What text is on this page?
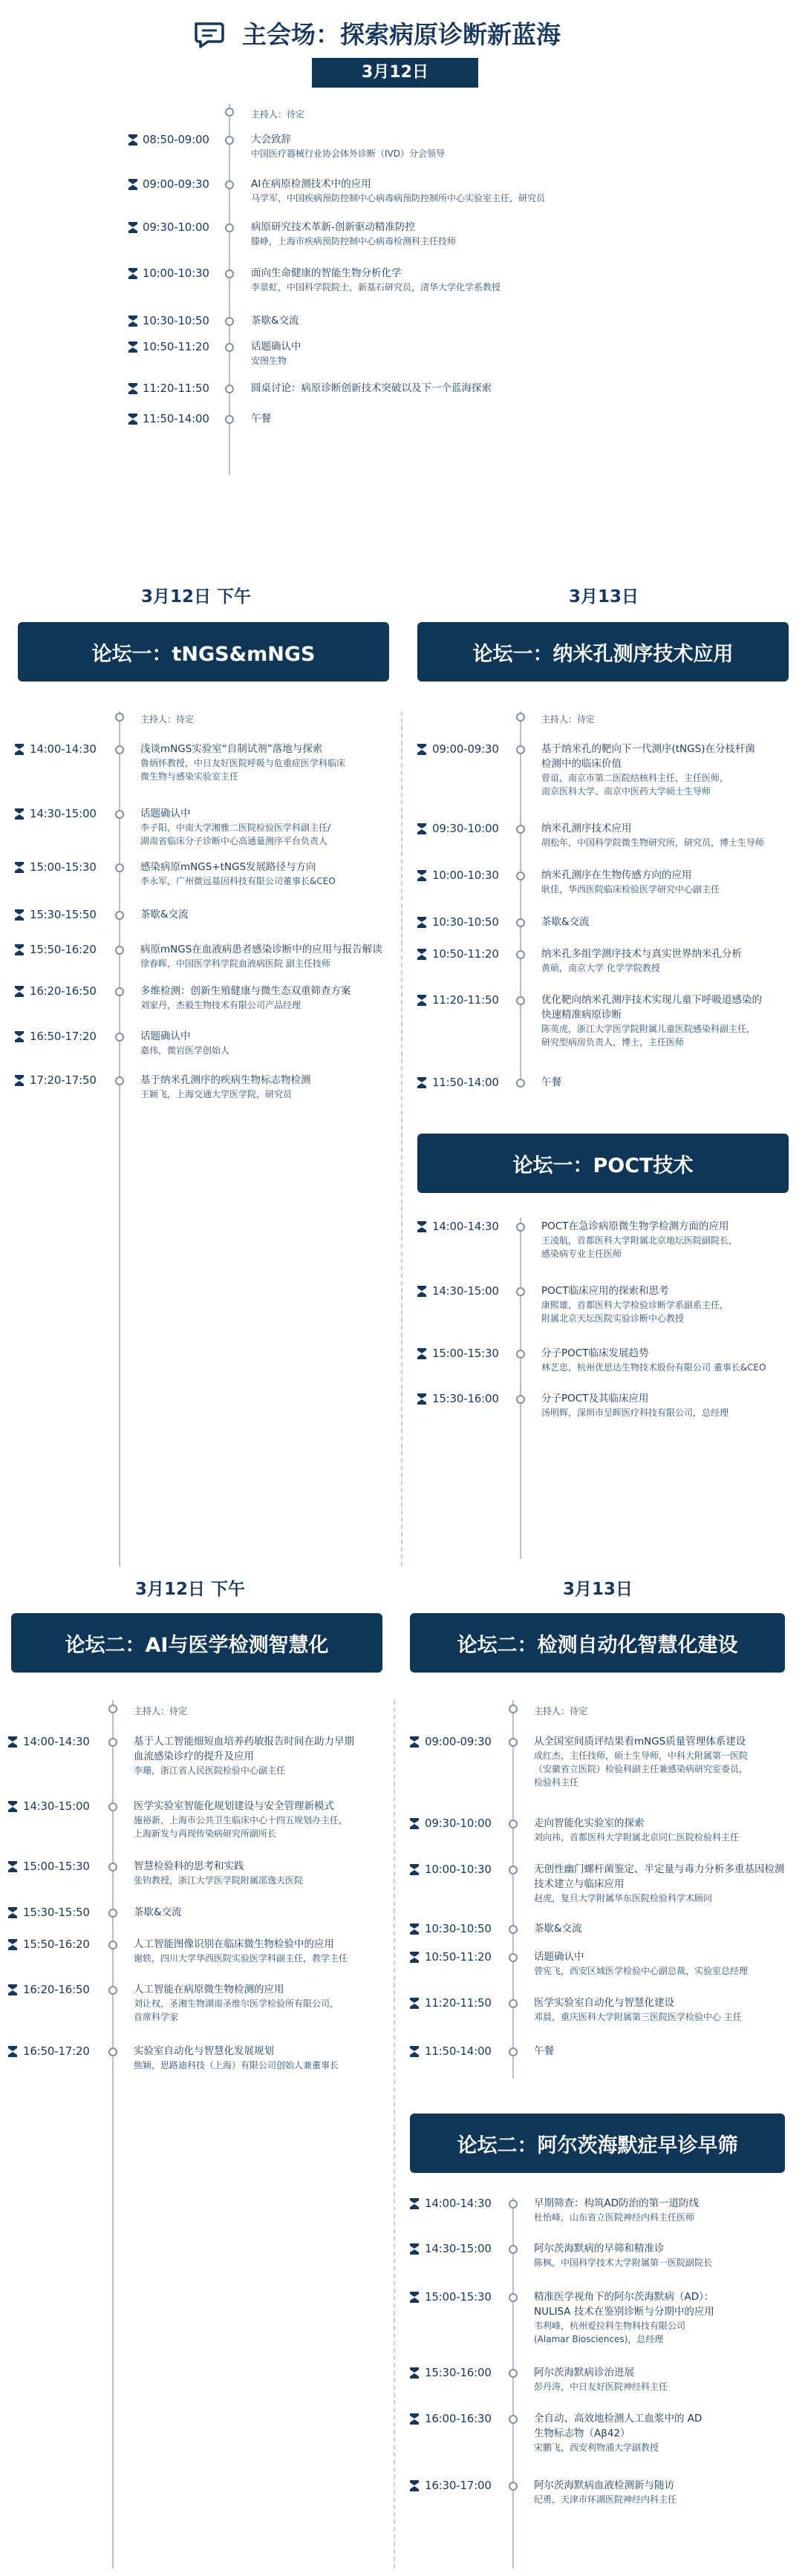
主会场：探索病原诊断新蓝海
3月12日
主持人：待定
08:50-09:00	大会致辞
中国医疗器械行业协会体外诊断（IVD）分会领导
09:00-09:30	AI在病原检测技术中的应用
马学军，中国疾病预防控制中心病毒病预防控制所中心实验室主任，研究员
09:30-10:00	病原研究技术革新-创新驱动精准防控
滕峥，上海市疾病预防控制中心病毒检测科主任技师
10:00-10:30	面向生命健康的智能生物分析化学
李景虹，中国科学院院士，新基石研究员，清华大学化学系教授
10:30-10:50	茶歇&交流
10:50-11:20	话题确认中
安图生物
11:20-11:50	圆桌讨论：病原诊断创新技术突破以及下一个蓝海探索
11:50-14:00	午餐
论坛一：tNGS&mNGS
主持人：待定
14:00-14:30	浅谈mNGS实验室“自制试剂”落地与探索
鲁炳怀教授，中日友好医院呼吸与危重症医学科临床
微生物与感染实验室主任
14:30-15:00	话题确认中
李子阳，中南大学湘雅二医院检验医学科副主任/
湖南省临床分子诊断中心高通量测序平台负责人
15:00-15:30	感染病原mNGS+tNGS发展路径与方向
李永军，广州微远基因科技有限公司董事长&CEO
15:30-15:50	茶歇&交流
15:50-16:20	病原mNGS在血液病患者感染诊断中的应用与报告解读
徐春晖，中国医学科学院血液病医院 副主任技师
16:20-16:50	多维检测：创新生殖健康与微生态双重筛查方案
刘家丹，杰毅生物技术有限公司产品经理
16:50-17:20	话题确认中
嘉伟，微岩医学创始人
17:20-17:50	基于纳米孔测序的疾病生物标志物检测
王颖飞，上海交通大学医学院，研究员
论坛一：纳米孔测序技术应用
主持人：待定
09:00-09:30	基于纳米孔的靶向下一代测序(tNGS)在分枝杆菌
检测中的临床价值
曾谊，南京市第二医院结核科主任，主任医师，
南京医科大学、南京中医药大学硕士生导师
09:30-10:00	纳米孔测序技术应用
胡松年，中国科学院微生物研究所，研究员，博士生导师
10:00-10:30	纳米孔测序在生物传感方向的应用
耿佳，华西医院临床检验医学研究中心副主任
10:30-10:50	茶歇&交流
10:50-11:20	纳米孔多组学测序技术与真实世界纳米孔分析
黄硕，南京大学 化学学院教授
11:20-11:50	优化靶向纳米孔测序技术实现儿童下呼吸道感染的
快速精准病原诊断
陈英虎，浙江大学医学院附属儿童医院感染科副主任，
研究型病房负责人，博士，主任医师
11:50-14:00	午餐
论坛一：POCT技术
14:00-14:30	POCT在急诊病原微生物学检测方面的应用
王凌航，首都医科大学附属北京地坛医院副院长，
感染病专业主任医师
14:30-15:00	POCT临床应用的探索和思考
康熙雄，首都医科大学检验诊断学系副系主任，
附属北京天坛医院实验诊断中心教授
15:00-15:30	分子POCT临床发展趋势
林艺忠，杭州优思达生物技术股份有限公司 董事长&CEO
15:30-16:00	分子POCT及其临床应用
汤明辉，深圳市呈晖医疗科技有限公司，总经理
论坛二：AI与医学检测智慧化
主持人：待定
14:00-14:30	基于人工智能细短血培养药敏报告时间在助力早期
血流感染诊疗的提升及应用
李珊，浙江省人民医院检验中心副主任
14:30-15:00	医学实验室智能化规划建设与安全管理新模式
施裕新，上海市公共卫生临床中心十四五规划办主任，
上海新发与再现传染病研究所副所长
15:00-15:30	智慧检验科的思考和实践
张钧教授，浙江大学医学院附属邵逸夫医院
15:30-15:50	茶歇&交流
15:50-16:20	人工智能图像识别在临床微生物检验中的应用
谢轶，四川大学华西医院实验医学科副主任，教学主任
16:20-16:50	人工智能在病原微生物检测的应用
刘让权，圣湘生物湖南圣维尔医学检验所有限公司，
首席科学家
16:50-17:20	实验室自动化与智慧化发展规划
熊颖，思路迪科技（上海）有限公司创始人兼董事长
论坛二：检测自动化智慧化建设
主持人：待定
09:00-09:30	从全国室间质评结果看mNGS质量管理体系建设
成红杰，主任技师，硕士生导师，中科大附属第一医院
（安徽省立医院）检验科副主任兼感染病研究室委员，
检验科主任
09:30-10:00	走向智能化实验室的探索
刘向祎，首都医科大学附属北京同仁医院检验科主任
10:00-10:30	无创性幽门螺杆菌鉴定、半定量与毒力分析多重基因检测
技术建立与临床应用
赵虎，复旦大学附属华东医院检验科学术顾问
10:30-10:50	茶歇&交流
10:50-11:20	话题确认中
曾宪飞，西安区域医学检验中心副总裁，实验室总经理
11:20-11:50	医学实验室自动化与智慧化建设
邓晨，重庆医科大学附属第三医院医学检验中心 主任
11:50-14:00	午餐
论坛二：阿尔茨海默症早诊早筛
14:00-14:30	早期筛查：构筑AD防治的第一道防线
杜怡峰，山东省立医院神经内科主任医师
14:30-15:00	阿尔茨海默病的早筛和精准诊
陈枫，中国科学技术大学附属第一医院副院长
15:00-15:30	精准医学视角下的阿尔茨海默病（AD）：
NULISA 技术在鉴别诊断与分期中的应用
韦利峰，杭州爱拉科生物科技有限公司
(Alamar Biosciences)，总经理
15:30-16:00	阿尔茨海默病诊治进展
彭丹涛，中日友好医院神经科主任
16:00-16:30	全自动、高效地检测人工血浆中的 AD
生物标志物（Aβ42）
宋鹏飞，西安利物浦大学副教授
16:30-17:00	阿尔茨海默病血液检测新与随访
纪勇，天津市环湖医院神经内科主任
3月12日 下午	3月13日
3月12日 下午	3月13日
